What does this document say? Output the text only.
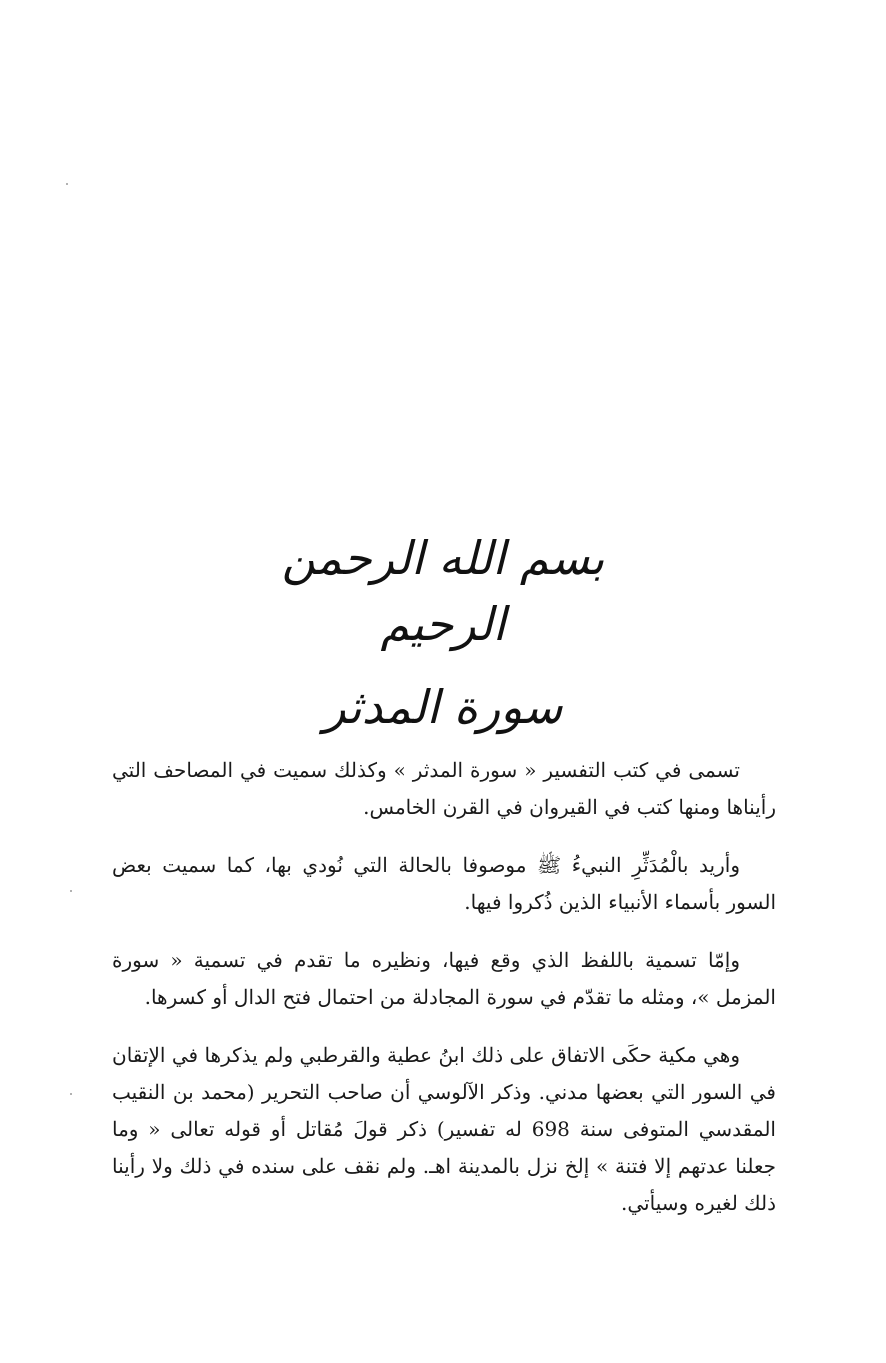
بسم الله الرحمن الرحيم
سورة المدثر

تسمى في كتب التفسير « سورة المدثر » وكذلك سميت في المصاحف التي رأيناها ومنها كتب في القيروان في القرن الخامس.

وأريد بالْمُدَثِّرِ النبيءُ ﷺ موصوفا بالحالة التي نُودي بها، كما سميت بعض السور بأسماء الأنبياء الذين ذُكروا فيها.

وإمّا تسمية باللفظ الذي وقع فيها، ونظيره ما تقدم في تسمية « سورة المزمل »، ومثله ما تقدّم في سورة المجادلة من احتمال فتح الدال أو كسرها.

وهي مكية حكَى الاتفاق على ذلك ابنُ عطية والقرطبي ولم يذكرها في الإتقان في السور التي بعضها مدني. وذكر الآلوسي أن صاحب التحرير (محمد بن النقيب المقدسي المتوفى سنة 698 له تفسير) ذكر قولَ مُقاتل أو قوله تعالى « وما جعلنا عدتهم إلا فتنة » إلخ نزل بالمدينة اهـ. ولم نقف على سنده في ذلك ولا رأينا ذلك لغيره وسيأتي.
